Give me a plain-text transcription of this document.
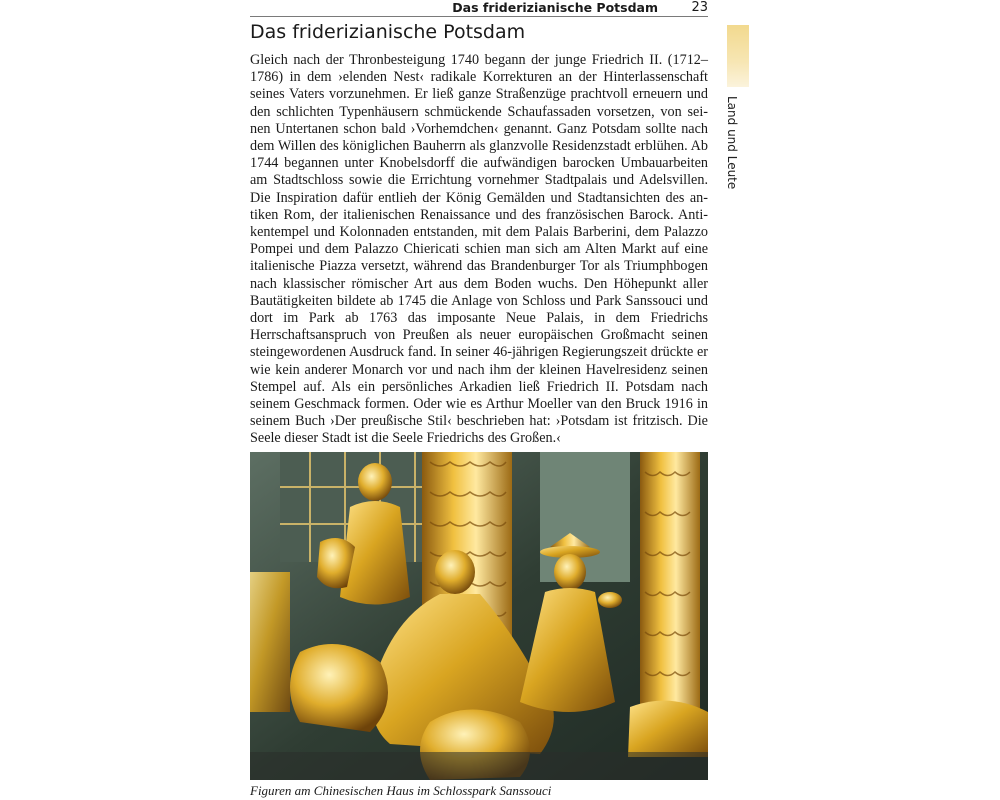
Das friderizianische Potsdam	23
Land und Leute
Das friderizianische Potsdam

Gleich nach der Thronbesteigung 1740 begann der junge Friedrich II. (1712–1786) in dem ›elenden Nest‹ radikale Korrekturen an der Hinterlassenschaft seines Vaters vorzunehmen. Er ließ ganze Straßenzüge prachtvoll erneuern und den schlichten Typenhäusern schmückende Schaufassaden vorsetzen, von seinen Untertanen schon bald ›Vorhemdchen‹ genannt. Ganz Potsdam sollte nach dem Willen des königlichen Bauherrn als glanzvolle Residenzstadt erblühen. Ab 1744 begannen unter Knobelsdorff die aufwändigen barocken Umbauarbeiten am Stadtschloss sowie die Errichtung vornehmer Stadtpalais und Adelsvillen. Die Inspiration dafür entlieh der König Gemälden und Stadtansichten des antiken Rom, der italienischen Renaissance und des französischen Barock. Antikentempel und Kolonnaden entstanden, mit dem Palais Barberini, dem Palazzo Pompei und dem Palazzo Chiericati schien man sich am Alten Markt auf eine italienische Piazza versetzt, während das Brandenburger Tor als Triumphbogen nach klassischer römischer Art aus dem Boden wuchs. Den Höhepunkt aller Bautätigkeiten bildete ab 1745 die Anlage von Schloss und Park Sanssouci und dort im Park ab 1763 das imposante Neue Palais, in dem Friedrichs Herrschaftsanspruch von Preußen als neuer europäischen Großmacht seinen steingewordenen Ausdruck fand. In seiner 46-jährigen Regierungszeit drückte er wie kein anderer Monarch vor und nach ihm der kleinen Havelresidenz seinen Stempel auf. Als ein persönliches Arkadien ließ Friedrich II. Potsdam nach seinem Geschmack formen. Oder wie es Arthur Moeller van den Bruck 1916 in seinem Buch ›Der preußische Stil‹ beschrieben hat: ›Potsdam ist fritzisch. Die Seele dieser Stadt ist die Seele Friedrichs des Großen.‹

Figuren am Chinesischen Haus im Schlosspark Sanssouci
